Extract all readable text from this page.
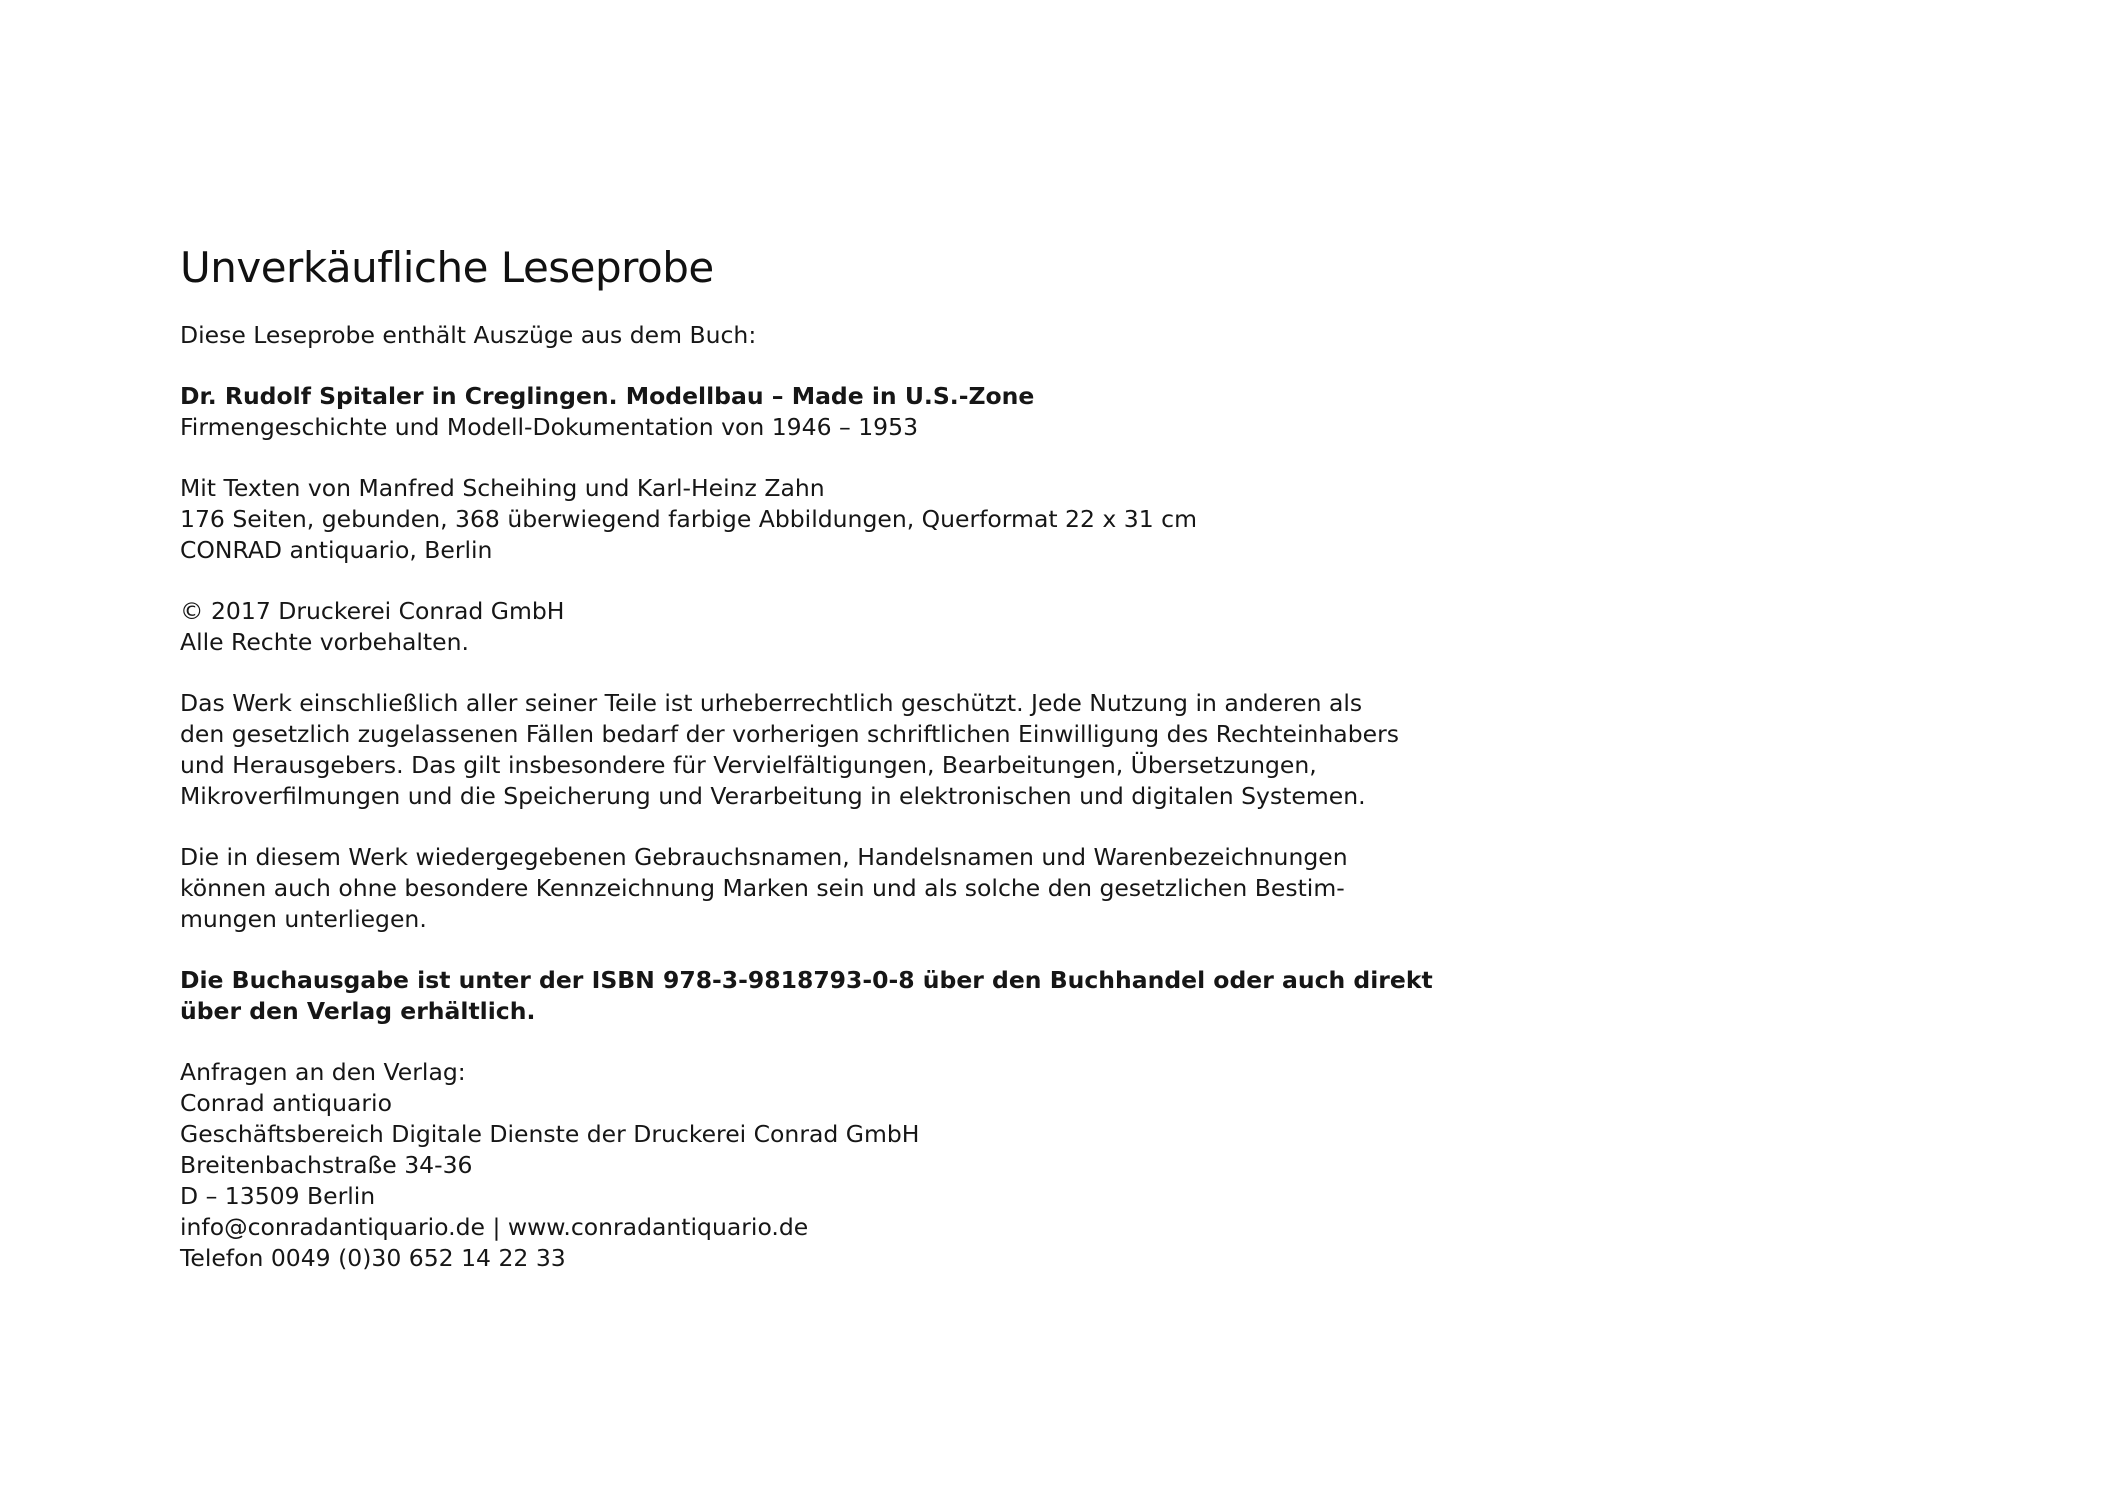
Unverkäufliche Leseprobe
Diese Leseprobe enthält Auszüge aus dem Buch:
Dr. Rudolf Spitaler in Creglingen. Modellbau – Made in U.S.-Zone
Firmengeschichte und Modell-Dokumentation von 1946 – 1953
Mit Texten von Manfred Scheihing und Karl-Heinz Zahn
176 Seiten, gebunden, 368 überwiegend farbige Abbildungen, Querformat 22 x 31 cm
CONRAD antiquario, Berlin
© 2017 Druckerei Conrad GmbH
Alle Rechte vorbehalten.
Das Werk einschließlich aller seiner Teile ist urheberrechtlich geschützt. Jede Nutzung in anderen als
den gesetzlich zugelassenen Fällen bedarf der vorherigen schriftlichen Einwilligung des Rechteinhabers
und Herausgebers. Das gilt insbesondere für Vervielfältigungen, Bearbeitungen, Übersetzungen,
Mikroverfilmungen und die Speicherung und Verarbeitung in elektronischen und digitalen Systemen.
Die in diesem Werk wiedergegebenen Gebrauchsnamen, Handelsnamen und Warenbezeichnungen
können auch ohne besondere Kennzeichnung Marken sein und als solche den gesetzlichen Bestim-
mungen unterliegen.
Die Buchausgabe ist unter der ISBN 978-3-9818793-0-8 über den Buchhandel oder auch direkt
über den Verlag erhältlich.
Anfragen an den Verlag:
Conrad antiquario
Geschäftsbereich Digitale Dienste der Druckerei Conrad GmbH
Breitenbachstraße 34-36
D – 13509 Berlin
info@conradantiquario.de | www.conradantiquario.de
Telefon 0049 (0)30 652 14 22 33
